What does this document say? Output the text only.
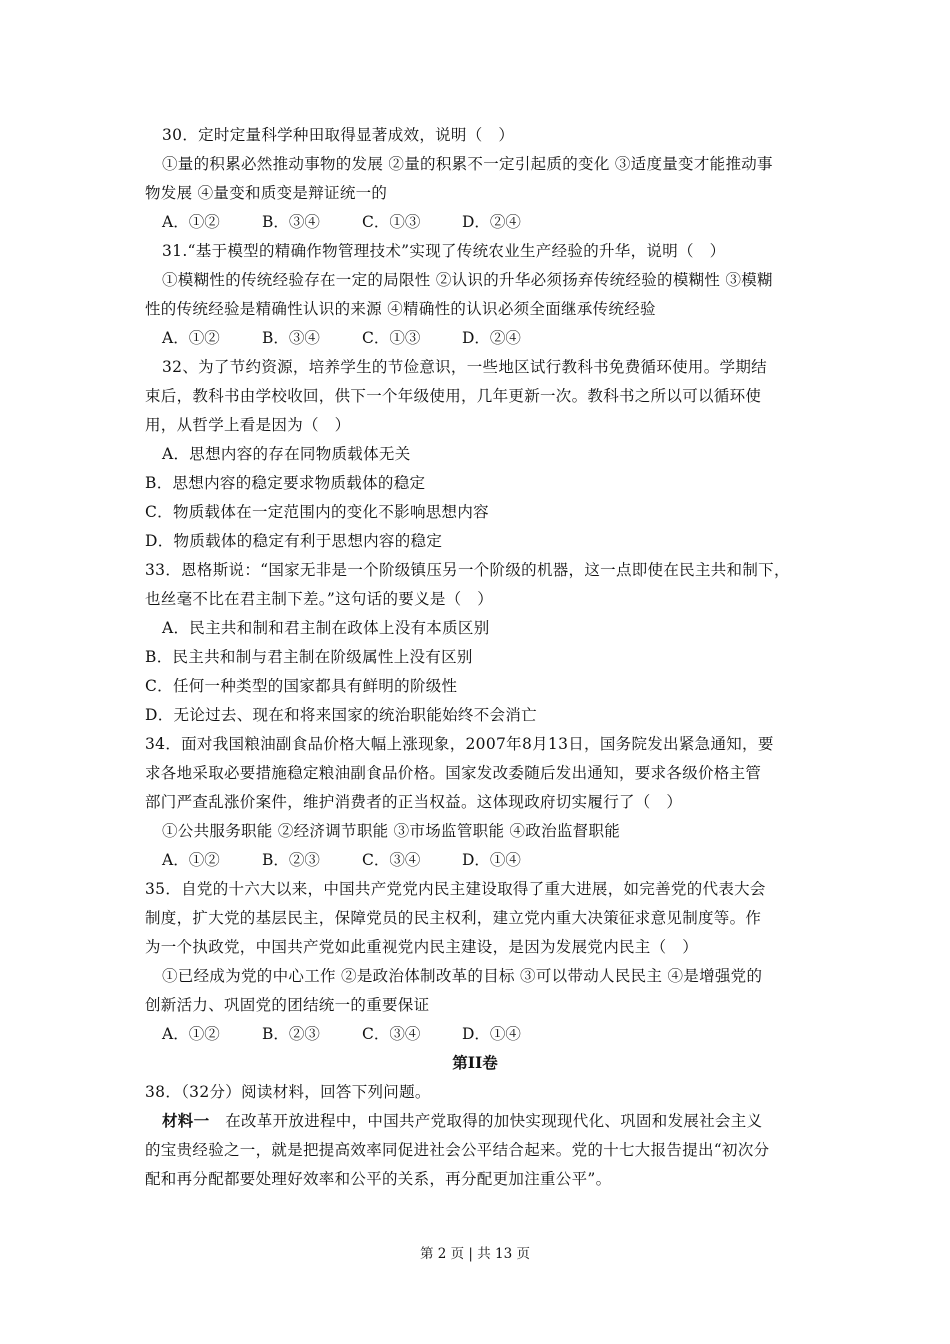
30．定时定量科学种田取得显著成效，说明（　）
①量的积累必然推动事物的发展 ②量的积累不一定引起质的变化 ③适度量变才能推动事
物发展 ④量变和质变是辩证统一的
A．①②	B．③④	C．①③	D．②④
31.“基于模型的精确作物管理技术”实现了传统农业生产经验的升华，说明（　）
①模糊性的传统经验存在一定的局限性 ②认识的升华必须扬弃传统经验的模糊性 ③模糊
性的传统经验是精确性认识的来源 ④精确性的认识必须全面继承传统经验
A．①②	B．③④	C．①③	D．②④
32、为了节约资源，培养学生的节俭意识，一些地区试行教科书免费循环使用。学期结
束后，教科书由学校收回，供下一个年级使用，几年更新一次。教科书之所以可以循环使
用，从哲学上看是因为（　）
A．思想内容的存在同物质载体无关
B．思想内容的稳定要求物质载体的稳定
C．物质载体在一定范围内的变化不影响思想内容
D．物质载体的稳定有利于思想内容的稳定
33．恩格斯说：“国家无非是一个阶级镇压另一个阶级的机器，这一点即使在民主共和制下，
也丝毫不比在君主制下差。”这句话的要义是（　）
A．民主共和制和君主制在政体上没有本质区别
B．民主共和制与君主制在阶级属性上没有区别
C．任何一种类型的国家都具有鲜明的阶级性
D．无论过去、现在和将来国家的统治职能始终不会消亡
34．面对我国粮油副食品价格大幅上涨现象，2007年8月13日，国务院发出紧急通知，要
求各地采取必要措施稳定粮油副食品价格。国家发改委随后发出通知，要求各级价格主管
部门严查乱涨价案件，维护消费者的正当权益。这体现政府切实履行了（　）
①公共服务职能 ②经济调节职能 ③市场监管职能 ④政治监督职能
A．①②	B．②③	C．③④	D．①④
35．自党的十六大以来，中国共产党党内民主建设取得了重大进展，如完善党的代表大会
制度，扩大党的基层民主，保障党员的民主权利，建立党内重大决策征求意见制度等。作
为一个执政党，中国共产党如此重视党内民主建设，是因为发展党内民主（　）
①已经成为党的中心工作 ②是政治体制改革的目标 ③可以带动人民民主 ④是增强党的
创新活力、巩固党的团结统一的重要保证
A．①②	B．②③	C．③④	D．①④
第II卷
38．（32分）阅读材料，回答下列问题。
材料一　在改革开放进程中，中国共产党取得的加快实现现代化、巩固和发展社会主义
的宝贵经验之一，就是把提高效率同促进社会公平结合起来。党的十七大报告提出“初次分
配和再分配都要处理好效率和公平的关系，再分配更加注重公平”。
第 2 页 | 共 13 页
